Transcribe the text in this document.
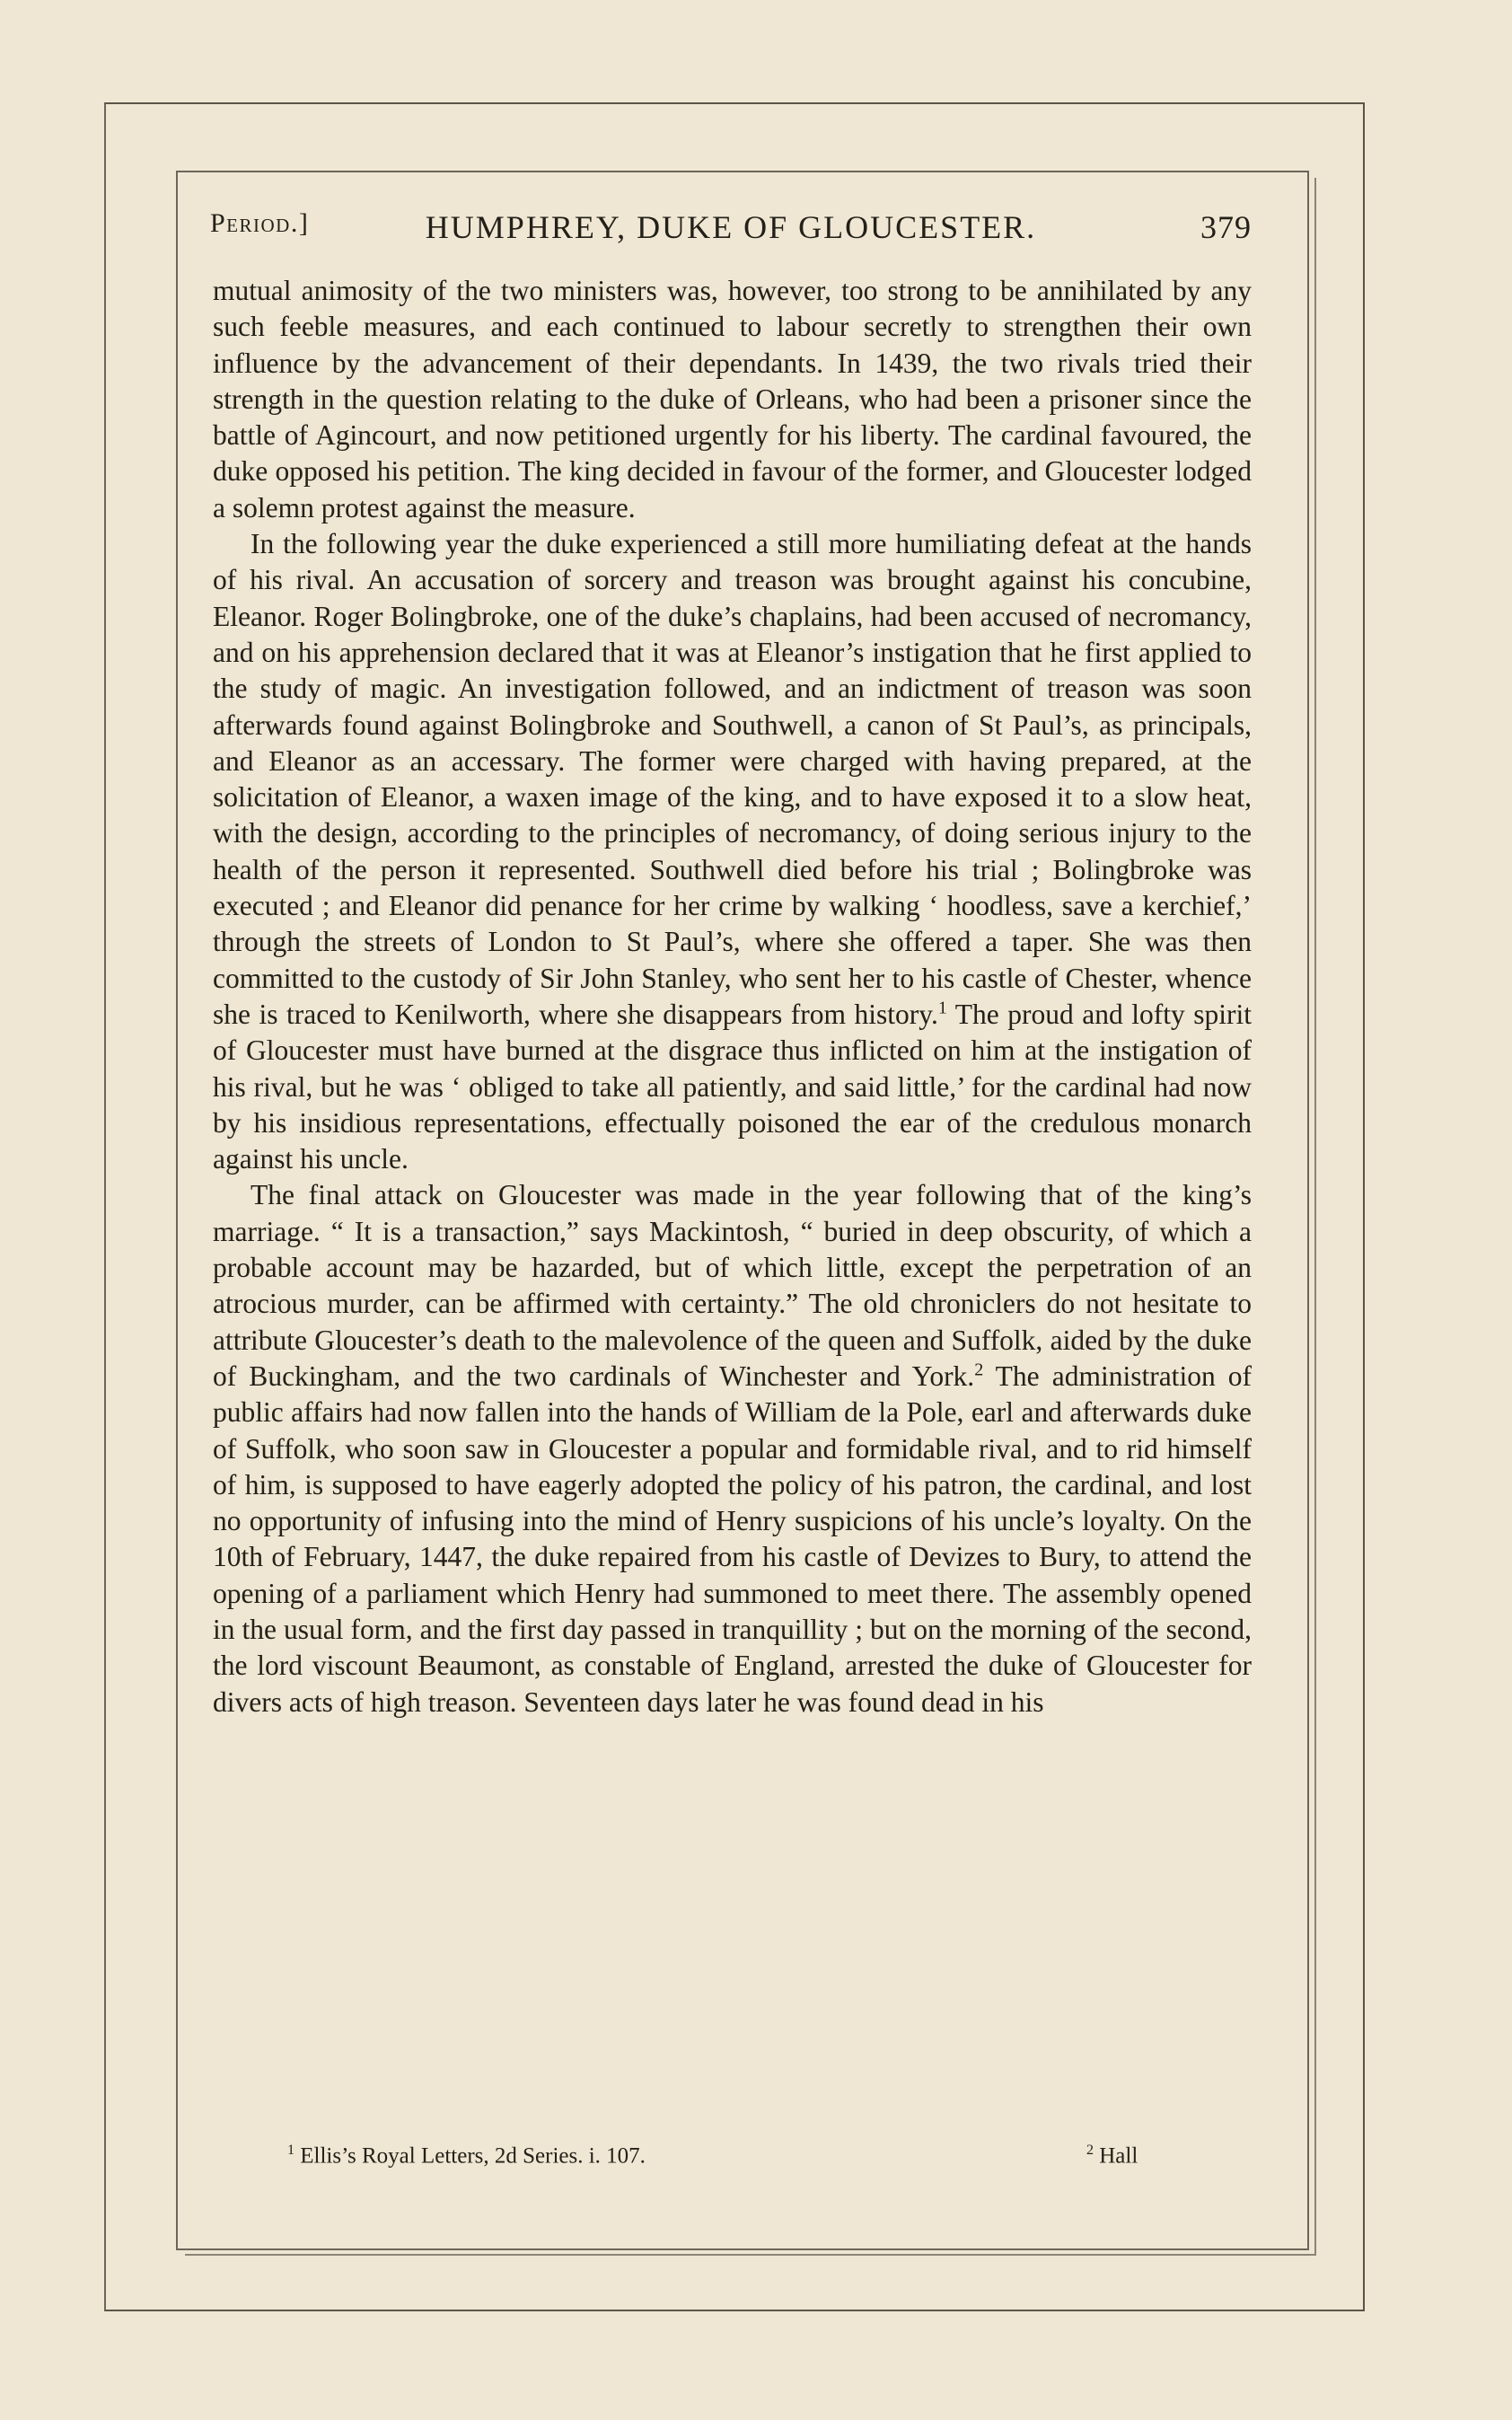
Period.]	HUMPHREY, DUKE OF GLOUCESTER.	379

mutual animosity of the two ministers was, however, too strong to be annihilated by any such feeble measures, and each continued to labour secretly to strengthen their own influence by the advancement of their dependants. In 1439, the two rivals tried their strength in the question relating to the duke of Orleans, who had been a prisoner since the battle of Agincourt, and now petitioned urgently for his liberty. The cardinal favoured, the duke opposed his petition. The king decided in favour of the former, and Gloucester lodged a solemn protest against the measure.

In the following year the duke experienced a still more humiliating defeat at the hands of his rival. An accusation of sorcery and treason was brought against his concubine, Eleanor. Roger Bolingbroke, one of the duke’s chaplains, had been accused of necromancy, and on his apprehension declared that it was at Eleanor’s instigation that he first applied to the study of magic. An investigation followed, and an indictment of treason was soon afterwards found against Bolingbroke and Southwell, a canon of St Paul’s, as principals, and Eleanor as an accessary. The former were charged with having prepared, at the solicitation of Eleanor, a waxen image of the king, and to have exposed it to a slow heat, with the design, according to the principles of necromancy, of doing serious injury to the health of the person it represented. Southwell died before his trial ; Bolingbroke was executed ; and Eleanor did penance for her crime by walking ‘ hoodless, save a kerchief,’ through the streets of London to St Paul’s, where she offered a taper. She was then committed to the custody of Sir John Stanley, who sent her to his castle of Chester, whence she is traced to Kenilworth, where she disappears from history.$^1$ The proud and lofty spirit of Gloucester must have burned at the disgrace thus inflicted on him at the instigation of his rival, but he was ‘ obliged to take all patiently, and said little,’ for the cardinal had now by his insidious representations, effectually poisoned the ear of the credulous monarch against his uncle.

The final attack on Gloucester was made in the year following that of the king’s marriage. “ It is a transaction,” says Mackintosh, “ buried in deep obscurity, of which a probable account may be hazarded, but of which little, except the perpetration of an atrocious murder, can be affirmed with certainty.” The old chroniclers do not hesitate to attribute Gloucester’s death to the malevolence of the queen and Suffolk, aided by the duke of Buckingham, and the two cardinals of Winchester and York.$^2$ The administration of public affairs had now fallen into the hands of William de la Pole, earl and afterwards duke of Suffolk, who soon saw in Gloucester a popular and formidable rival, and to rid himself of him, is supposed to have eagerly adopted the policy of his patron, the cardinal, and lost no opportunity of infusing into the mind of Henry suspicions of his uncle’s loyalty. On the 10th of February, 1447, the duke repaired from his castle of Devizes to Bury, to attend the opening of a parliament which Henry had summoned to meet there. The assembly opened in the usual form, and the first day passed in tranquillity ; but on the morning of the second, the lord viscount Beaumont, as constable of England, arrested the duke of Gloucester for divers acts of high treason. Seventeen days later he was found dead in his

$^1$ Ellis’s Royal Letters, 2d Series. i. 107.	$^2$ Hall
